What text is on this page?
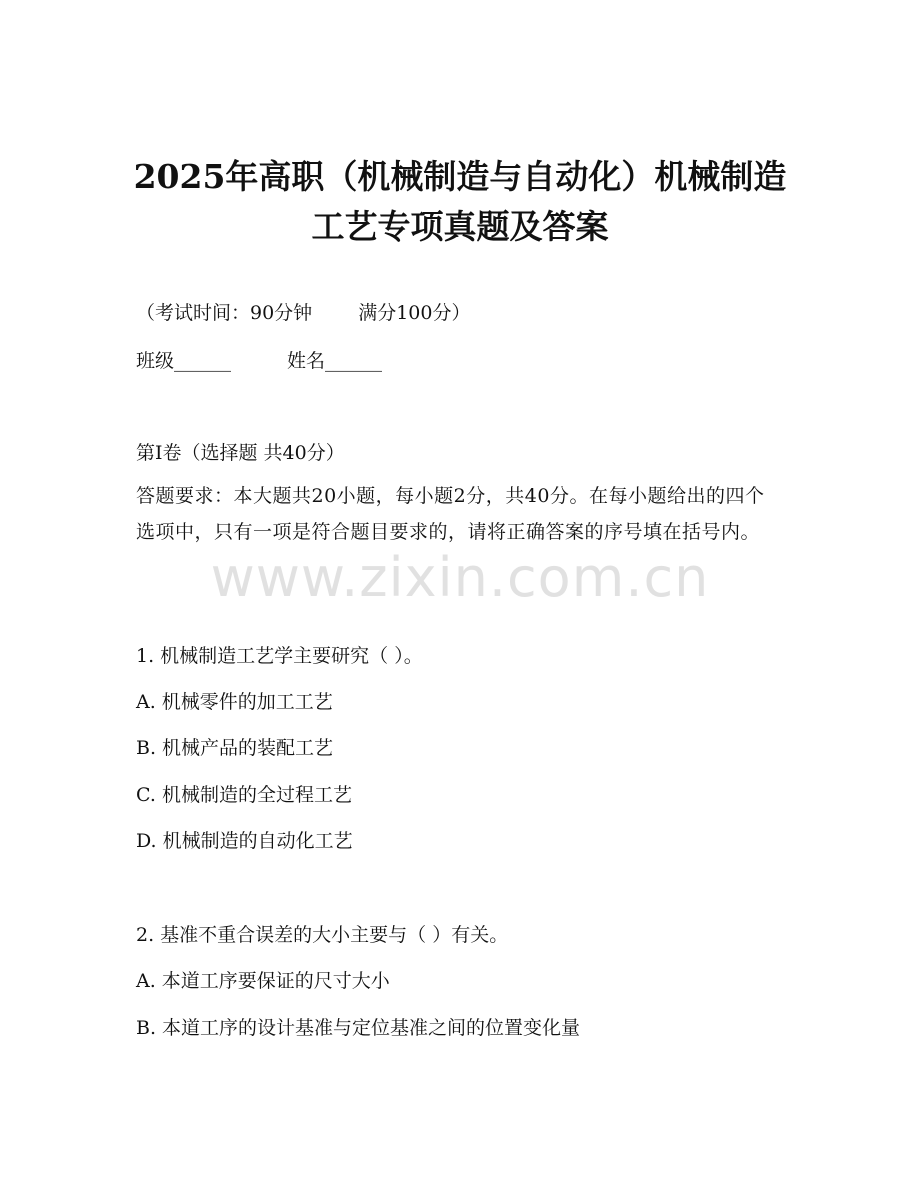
2025年高职（机械制造与自动化）机械制造
工艺专项真题及答案

（考试时间：90分钟 满分100分）

班级______	姓名______

第I卷（选择题 共40分）

答题要求：本大题共20小题，每小题2分，共40分。在每小题给出的四个选项中，只有一项是符合题目要求的，请将正确答案的序号填在括号内。

www.zixin.com.cn

1. 机械制造工艺学主要研究（ ）。

A. 机械零件的加工工艺

B. 机械产品的装配工艺

C. 机械制造的全过程工艺

D. 机械制造的自动化工艺

2. 基准不重合误差的大小主要与（ ）有关。

A. 本道工序要保证的尺寸大小

B. 本道工序的设计基准与定位基准之间的位置变化量
